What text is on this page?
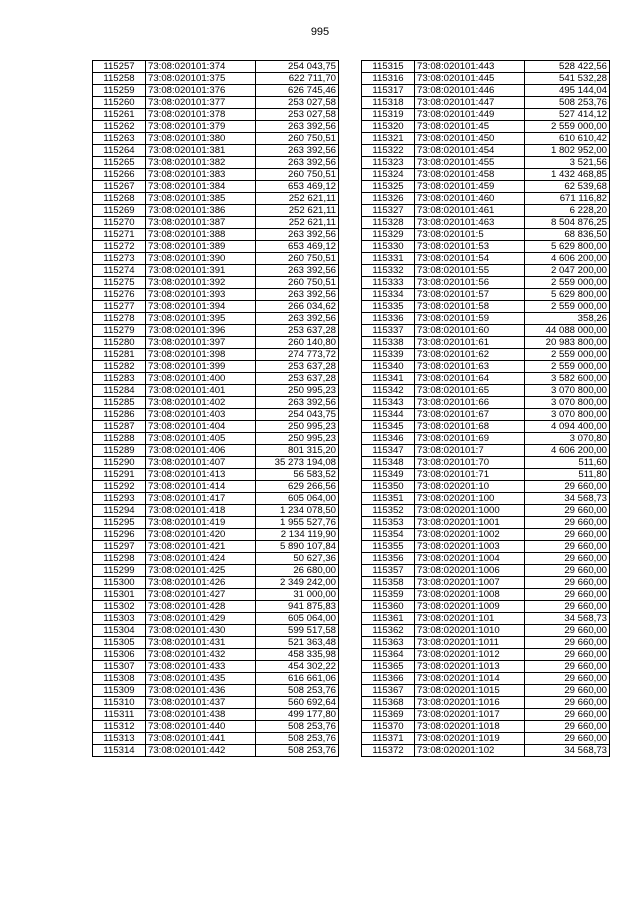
995
115257	73:08:020101:374	254 043,75
115258	73:08:020101:375	622 711,70
115259	73:08:020101:376	626 745,46
115260	73:08:020101:377	253 027,58
115261	73:08:020101:378	253 027,58
115262	73:08:020101:379	263 392,56
115263	73:08:020101:380	260 750,51
115264	73:08:020101:381	263 392,56
115265	73:08:020101:382	263 392,56
115266	73:08:020101:383	260 750,51
115267	73:08:020101:384	653 469,12
115268	73:08:020101:385	252 621,11
115269	73:08:020101:386	252 621,11
115270	73:08:020101:387	252 621,11
115271	73:08:020101:388	263 392,56
115272	73:08:020101:389	653 469,12
115273	73:08:020101:390	260 750,51
115274	73:08:020101:391	263 392,56
115275	73:08:020101:392	260 750,51
115276	73:08:020101:393	263 392,56
115277	73:08:020101:394	266 034,62
115278	73:08:020101:395	263 392,56
115279	73:08:020101:396	253 637,28
115280	73:08:020101:397	260 140,80
115281	73:08:020101:398	274 773,72
115282	73:08:020101:399	253 637,28
115283	73:08:020101:400	253 637,28
115284	73:08:020101:401	250 995,23
115285	73:08:020101:402	263 392,56
115286	73:08:020101:403	254 043,75
115287	73:08:020101:404	250 995,23
115288	73:08:020101:405	250 995,23
115289	73:08:020101:406	801 315,20
115290	73:08:020101:407	35 273 194,08
115291	73:08:020101:413	56 583,52
115292	73:08:020101:414	629 266,56
115293	73:08:020101:417	605 064,00
115294	73:08:020101:418	1 234 078,50
115295	73:08:020101:419	1 955 527,76
115296	73:08:020101:420	2 134 119,90
115297	73:08:020101:421	5 890 107,84
115298	73:08:020101:424	50 627,36
115299	73:08:020101:425	26 680,00
115300	73:08:020101:426	2 349 242,00
115301	73:08:020101:427	31 000,00
115302	73:08:020101:428	941 875,83
115303	73:08:020101:429	605 064,00
115304	73:08:020101:430	599 517,58
115305	73:08:020101:431	521 363,48
115306	73:08:020101:432	458 335,98
115307	73:08:020101:433	454 302,22
115308	73:08:020101:435	616 661,06
115309	73:08:020101:436	508 253,76
115310	73:08:020101:437	560 692,64
115311	73:08:020101:438	499 177,80
115312	73:08:020101:440	508 253,76
115313	73:08:020101:441	508 253,76
115314	73:08:020101:442	508 253,76
115315	73:08:020101:443	528 422,56
115316	73:08:020101:445	541 532,28
115317	73:08:020101:446	495 144,04
115318	73:08:020101:447	508 253,76
115319	73:08:020101:449	527 414,12
115320	73:08:020101:45	2 559 000,00
115321	73:08:020101:450	610 610,42
115322	73:08:020101:454	1 802 952,00
115323	73:08:020101:455	3 521,56
115324	73:08:020101:458	1 432 468,85
115325	73:08:020101:459	62 539,68
115326	73:08:020101:460	671 116,82
115327	73:08:020101:461	6 228,20
115328	73:08:020101:463	8 504 876,25
115329	73:08:020101:5	68 836,50
115330	73:08:020101:53	5 629 800,00
115331	73:08:020101:54	4 606 200,00
115332	73:08:020101:55	2 047 200,00
115333	73:08:020101:56	2 559 000,00
115334	73:08:020101:57	5 629 800,00
115335	73:08:020101:58	2 559 000,00
115336	73:08:020101:59	358,26
115337	73:08:020101:60	44 088 000,00
115338	73:08:020101:61	20 983 800,00
115339	73:08:020101:62	2 559 000,00
115340	73:08:020101:63	2 559 000,00
115341	73:08:020101:64	3 582 600,00
115342	73:08:020101:65	3 070 800,00
115343	73:08:020101:66	3 070 800,00
115344	73:08:020101:67	3 070 800,00
115345	73:08:020101:68	4 094 400,00
115346	73:08:020101:69	3 070,80
115347	73:08:020101:7	4 606 200,00
115348	73:08:020101:70	511,60
115349	73:08:020101:71	511,80
115350	73:08:020201:10	29 660,00
115351	73:08:020201:100	34 568,73
115352	73:08:020201:1000	29 660,00
115353	73:08:020201:1001	29 660,00
115354	73:08:020201:1002	29 660,00
115355	73:08:020201:1003	29 660,00
115356	73:08:020201:1004	29 660,00
115357	73:08:020201:1006	29 660,00
115358	73:08:020201:1007	29 660,00
115359	73:08:020201:1008	29 660,00
115360	73:08:020201:1009	29 660,00
115361	73:08:020201:101	34 568,73
115362	73:08:020201:1010	29 660,00
115363	73:08:020201:1011	29 660,00
115364	73:08:020201:1012	29 660,00
115365	73:08:020201:1013	29 660,00
115366	73:08:020201:1014	29 660,00
115367	73:08:020201:1015	29 660,00
115368	73:08:020201:1016	29 660,00
115369	73:08:020201:1017	29 660,00
115370	73:08:020201:1018	29 660,00
115371	73:08:020201:1019	29 660,00
115372	73:08:020201:102	34 568,73
